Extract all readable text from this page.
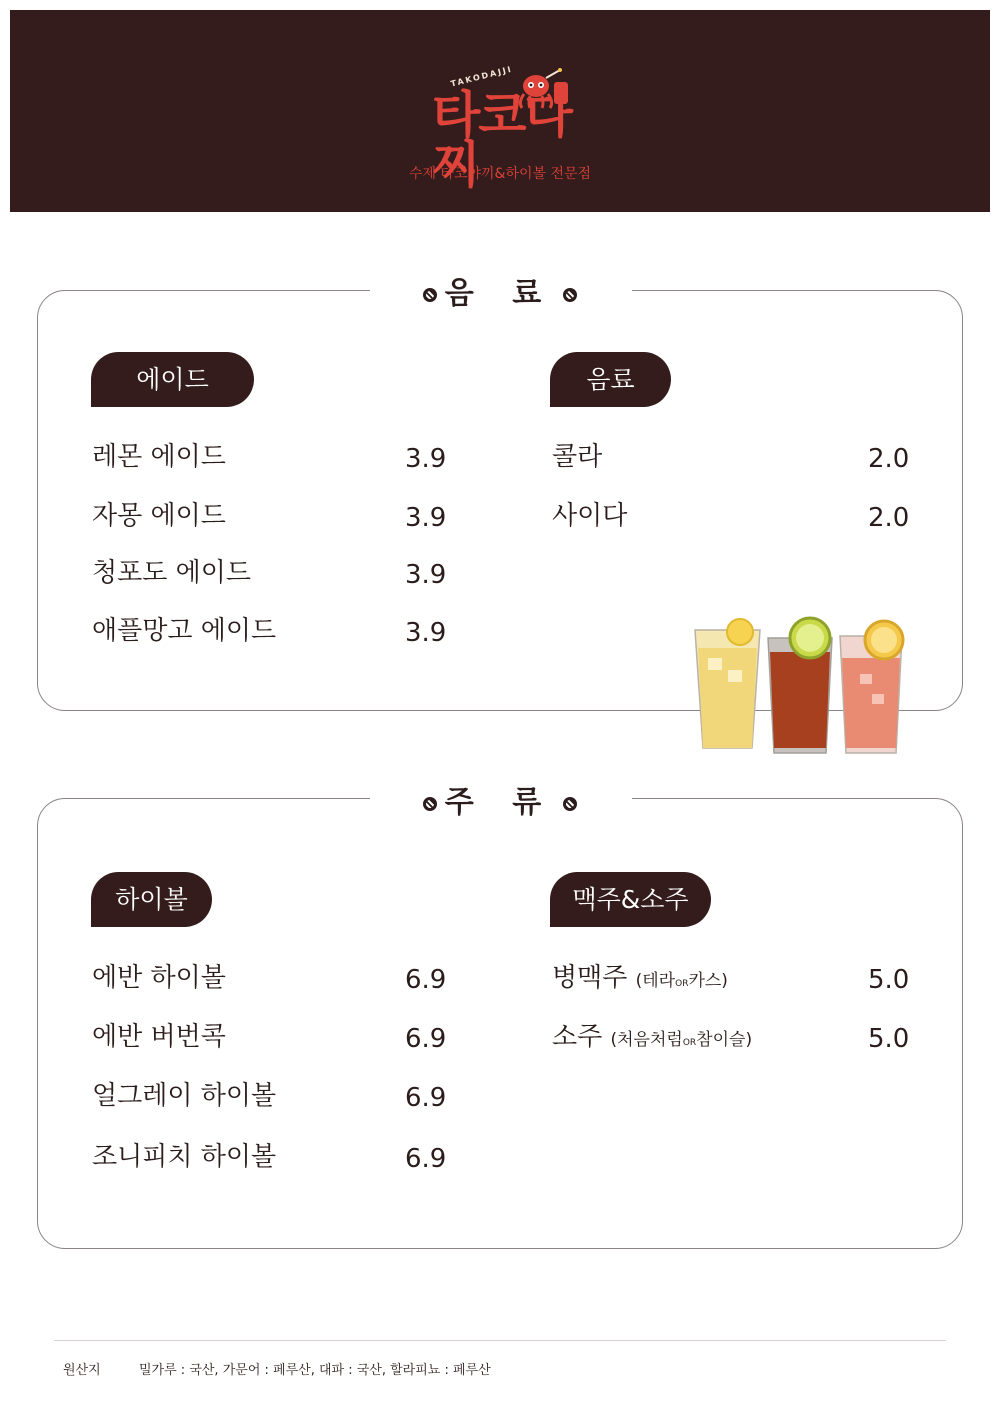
TAKODAJJI
타코다찌
수제 타코야끼&하이볼 전문점
음 료
에이드	음료
레몬 에이드	3.9
자몽 에이드	3.9
청포도 에이드	3.9
애플망고 에이드	3.9
콜라	2.0
사이다	2.0
주 류
하이볼	맥주&소주
에반 하이볼	6.9
에반 버번콕	6.9
얼그레이 하이볼	6.9
조니피치 하이볼	6.9
병맥주 (테라OR카스)	5.0
소주 (처음처럼OR참이슬)	5.0
원산지	밀가루 : 국산, 가문어 : 페루산, 대파 : 국산, 할라피뇨 : 페루산
